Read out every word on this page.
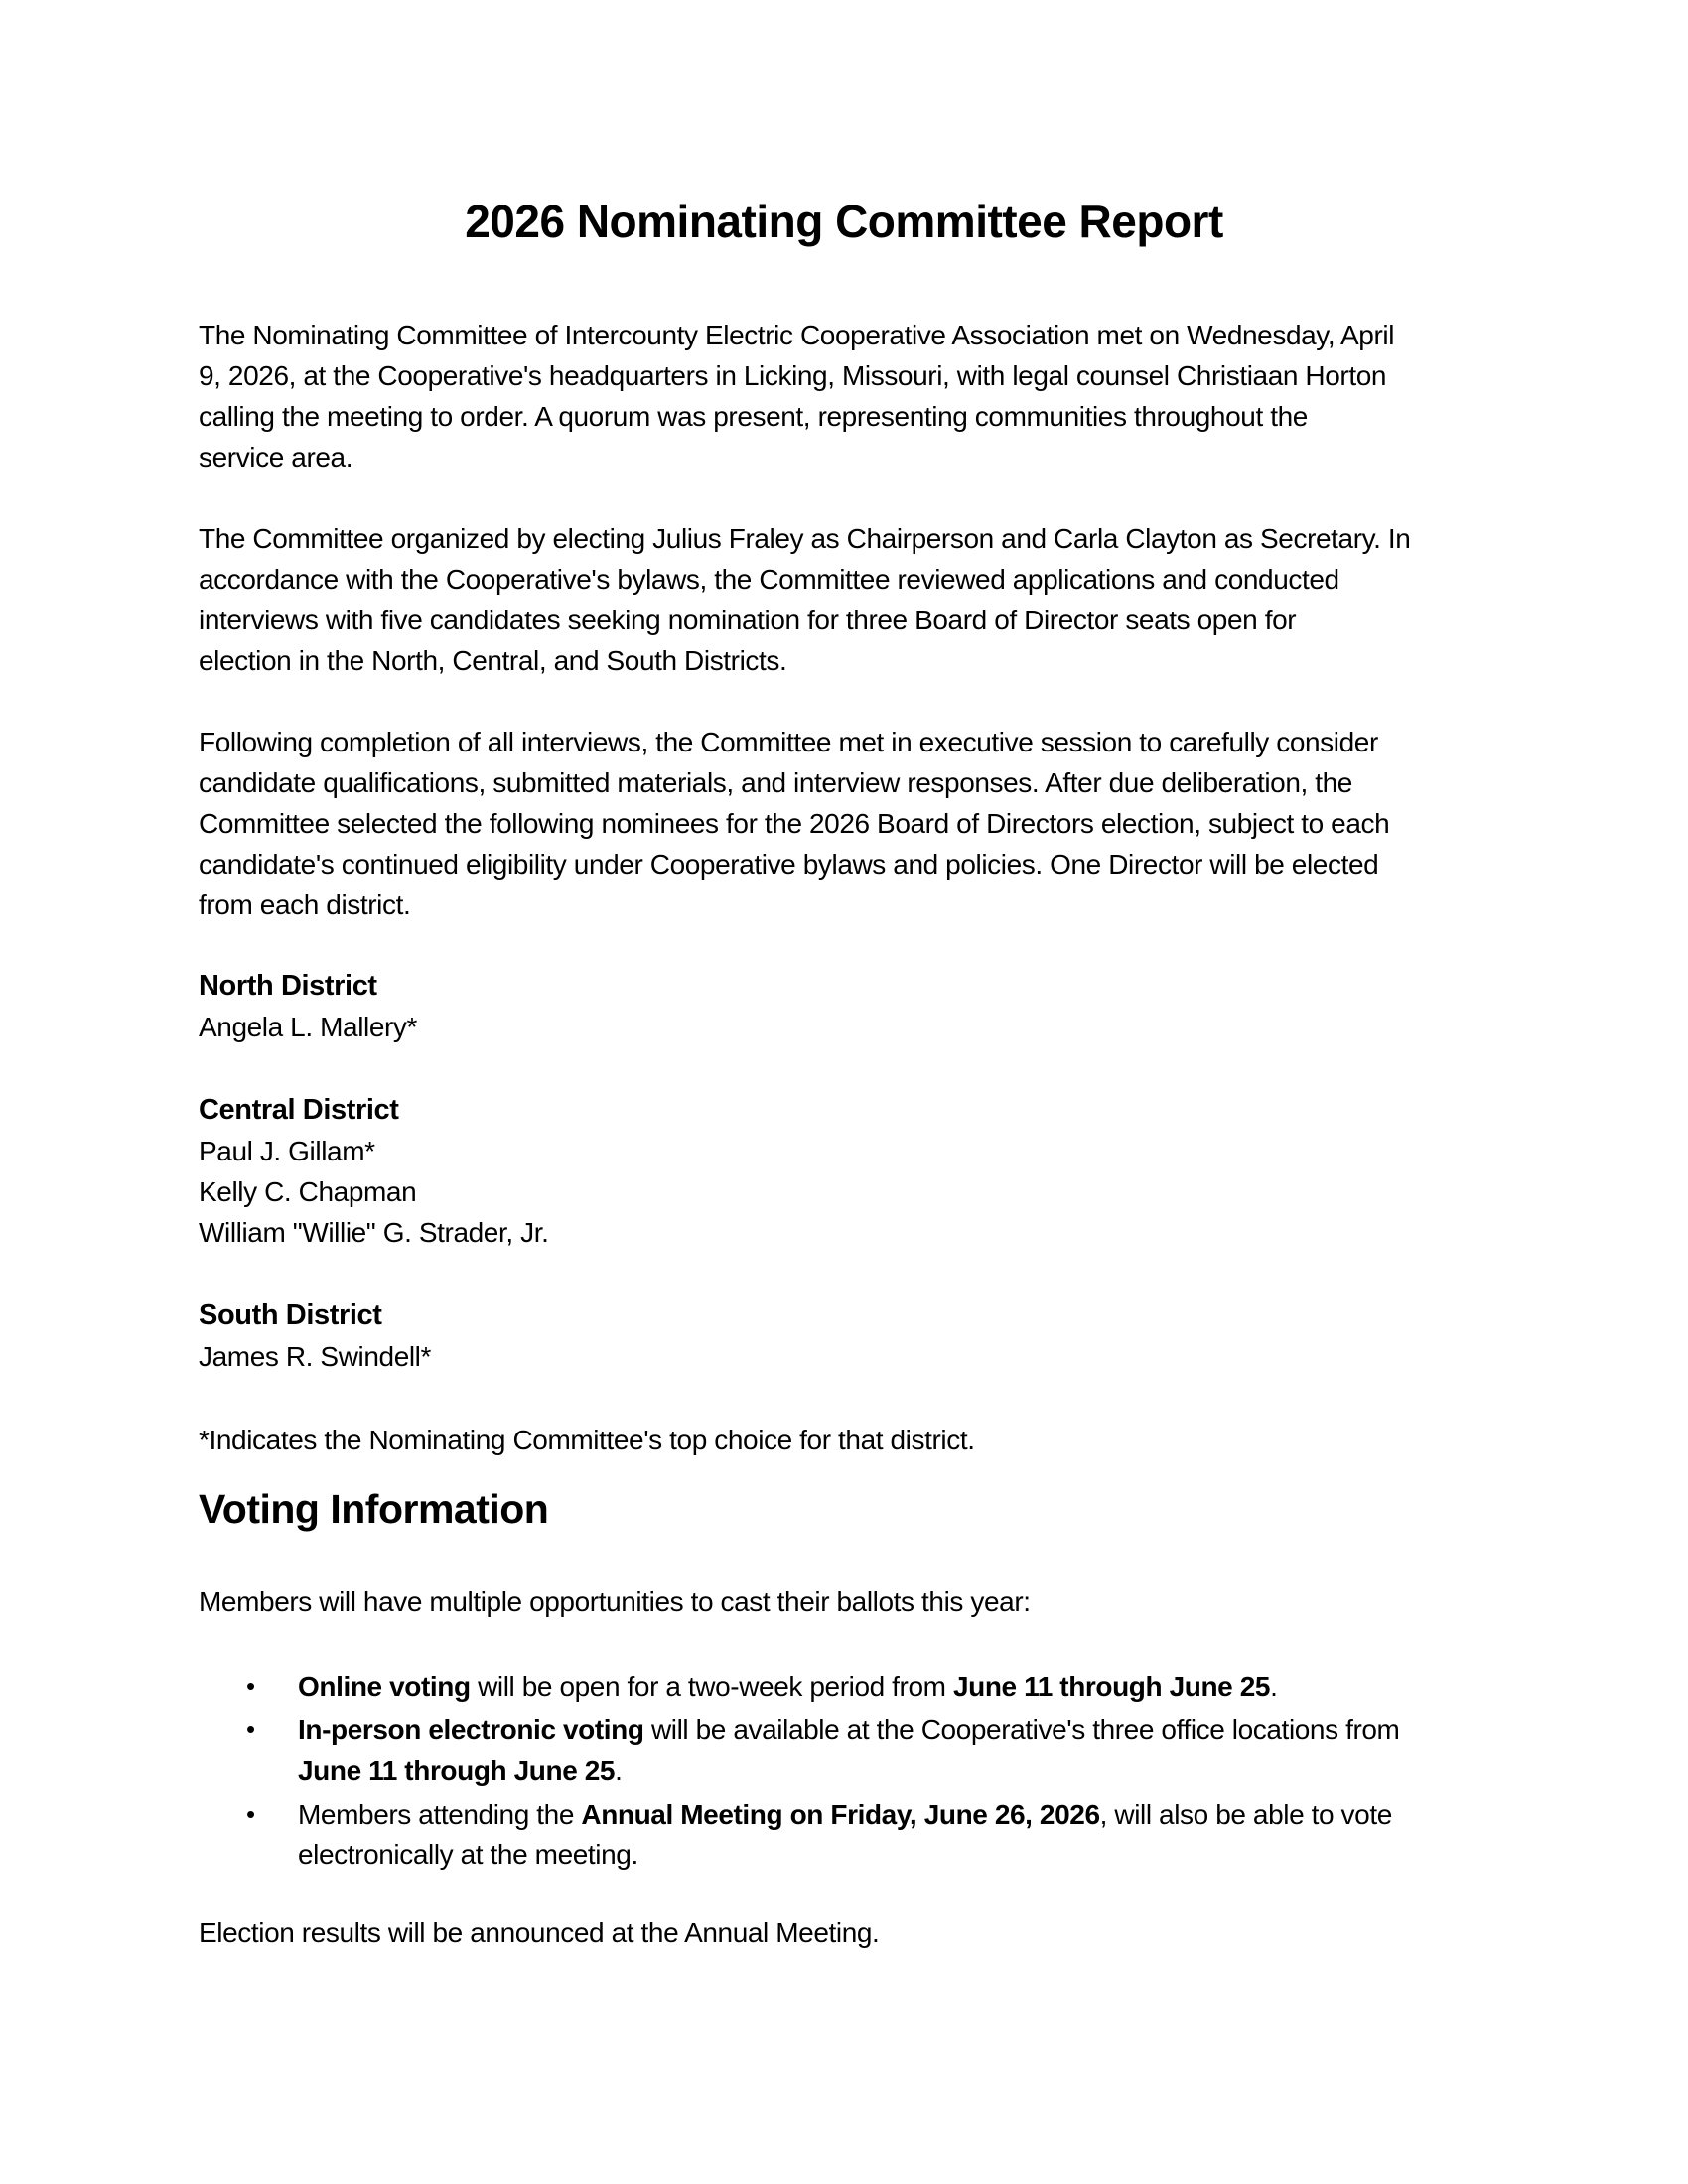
2026 Nominating Committee Report
The Nominating Committee of Intercounty Electric Cooperative Association met on Wednesday, April
9, 2026, at the Cooperative's headquarters in Licking, Missouri, with legal counsel Christiaan Horton
calling the meeting to order. A quorum was present, representing communities throughout the
service area.
The Committee organized by electing Julius Fraley as Chairperson and Carla Clayton as Secretary. In
accordance with the Cooperative's bylaws, the Committee reviewed applications and conducted
interviews with five candidates seeking nomination for three Board of Director seats open for
election in the North, Central, and South Districts.
Following completion of all interviews, the Committee met in executive session to carefully consider
candidate qualifications, submitted materials, and interview responses. After due deliberation, the
Committee selected the following nominees for the 2026 Board of Directors election, subject to each
candidate's continued eligibility under Cooperative bylaws and policies. One Director will be elected
from each district.
North District
Angela L. Mallery*
Central District
Paul J. Gillam*
Kelly C. Chapman
William "Willie" G. Strader, Jr.
South District
James R. Swindell*
*Indicates the Nominating Committee's top choice for that district.
Voting Information
Members will have multiple opportunities to cast their ballots this year:
•	Online voting will be open for a two-week period from June 11 through June 25.
•	In-person electronic voting will be available at the Cooperative's three office locations from
June 11 through June 25.
•	Members attending the Annual Meeting on Friday, June 26, 2026, will also be able to vote
electronically at the meeting.
Election results will be announced at the Annual Meeting.
